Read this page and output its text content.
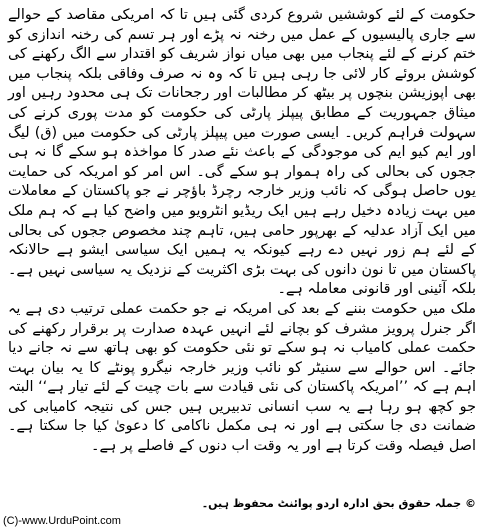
حکومت کے لئے کوششیں شروع کردی گئی ہیں تا کہ امریکی مقاصد کے حوالے سے جاری پالیسیوں کے عمل میں رخنہ نہ پڑے اور ہر تسم کی رخنہ اندازی کو ختم کرنے کے لئے پنجاب میں بھی میاں نواز شریف کو اقتدار سے الگ رکھنے کی کوشش بروئے کار لائی جا رہی ہیں تا کہ وہ نہ صرف وفاقی بلکہ پنجاب میں بھی اپوزیشن بنچوں پر بیٹھ کر مطالبات اور رجحانات تک ہی محدود رہیں اور میثاق جمہوریت کے مطابق پیپلز پارٹی کی حکومت کو مدت پوری کرنے کی سہولت فراہم کریں۔ ایسی صورت میں پیپلز پارٹی کی حکومت میں (ق) لیگ اور ایم کیو ایم کی موجودگی کے باعث نئے صدر کا مواخذہ ہو سکے گا نہ ہی ججوں کی بحالی کی راہ ہموار ہو سکے گی۔ اس امر کو امریکہ کی حمایت یوں حاصل ہوگی کہ نائب وزیر خارجہ رچرڈ باؤچر نے جو پاکستان کے معاملات میں بہت زیادہ دخیل رہے ہیں ایک ریڈیو انٹرویو میں واضح کیا ہے کہ ہم ملک میں ایک آزاد عدلیہ کے بھرپور حامی ہیں، تاہم چند مخصوص ججوں کی بحالی کے لئے ہم زور نہیں دے رہے کیونکہ یہ ہمیں ایک سیاسی ایشو ہے حالانکہ پاکستان میں تا نون دانوں کی بہت بڑی اکثریت کے نزدیک یہ سیاسی نہیں ہے۔ بلکہ آئینی اور قانونی معاملہ ہے۔

ملک میں حکومت بننے کے بعد کی امریکہ نے جو حکمت عملی ترتیب دی ہے یہ اگر جنرل پرویز مشرف کو بچانے لئے انہیں عہدہ صدارت پر برقرار رکھنے کی حکمت عملی کامیاب نہ ہو سکے تو نئی حکومت کو بھی ہاتھ سے نہ جانے دیا جائے۔ اس حوالے سے سنیٹر کو نائب وزیر خارجہ نیگرو پونٹے کا یہ بیان بہت اہم ہے کہ ’’امریکہ پاکستان کی نئی قیادت سے بات چیت کے لئے تیار ہے‘‘ البتہ جو کچھ ہو رہا ہے یہ سب انسانی تدبیریں ہیں جس کی نتیجہ کامیابی کی ضمانت دی جا سکتی ہے اور نہ ہی مکمل ناکامی کا دعویٰ کیا جا سکتا ہے۔ اصل فیصلہ وقت کرتا ہے اور یہ وقت اب دنوں کے فاصلے پر ہے۔

© جملہ حقوق بحق ادارہ اردو پوائنٹ محفوظ ہیں۔
(C)-www.UrduPoint.com
